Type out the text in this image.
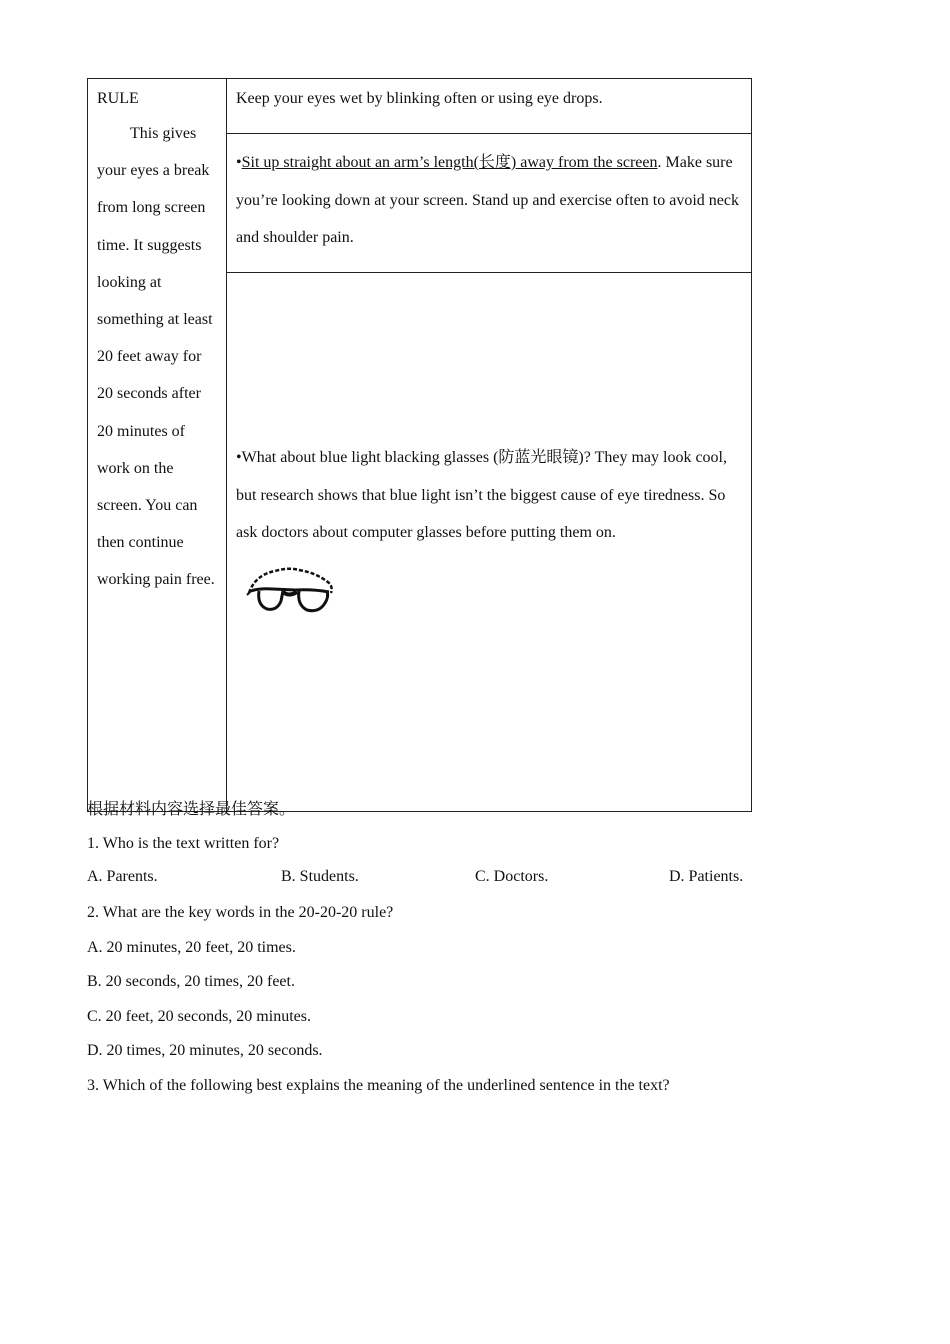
RULE
This gives your eyes a break from long screen time. It suggests looking at something at least 20 feet away for 20 seconds after 20 minutes of work on the screen. You can then continue working pain free.
	Keep your eyes wet by blinking often or using eye drops.
•Sit up straight about an arm’s length(长度) away from the screen. Make sure you’re looking down at your screen. Stand up and exercise often to avoid neck and shoulder pain.

•What about blue light blacking glasses (防蓝光眼镜)? They may look cool, but research shows that blue light isn’t the biggest cause of eye tiredness. So ask doctors about computer glasses before putting them on.
根据材料内容选择最佳答案。
1. Who is the text written for?
A. Parents.	B. Students.	C. Doctors.	D. Patients.
2. What are the key words in the 20-20-20 rule?
A. 20 minutes, 20 feet, 20 times.
B. 20 seconds, 20 times, 20 feet.
C. 20 feet, 20 seconds, 20 minutes.
D. 20 times, 20 minutes, 20 seconds.
3. Which of the following best explains the meaning of the underlined sentence in the text?
